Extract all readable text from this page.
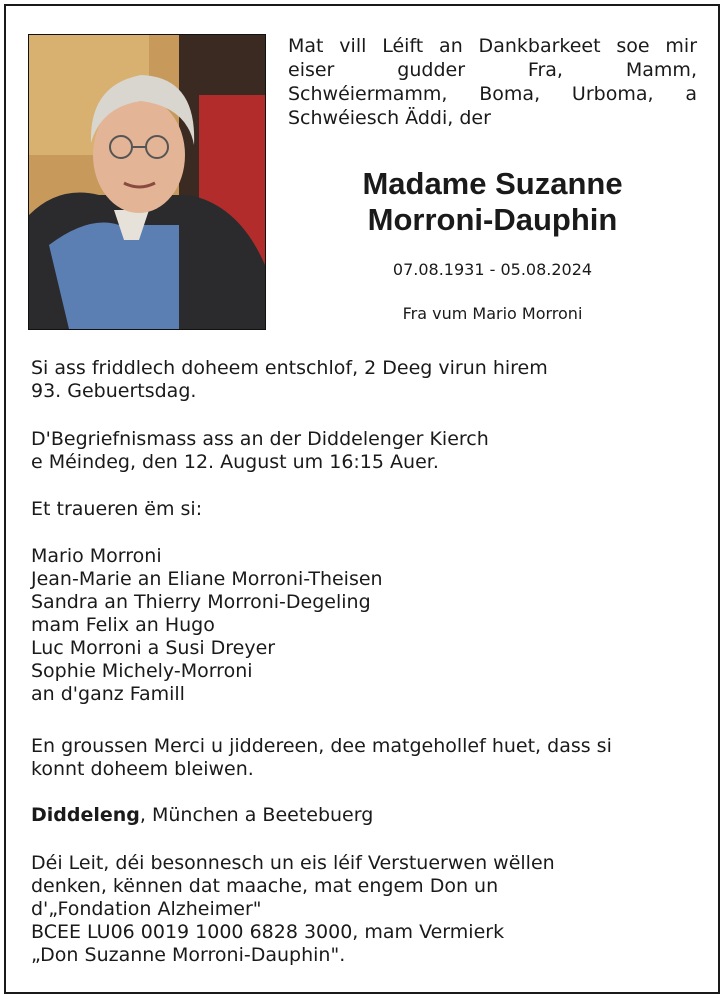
Mat vill Léift an Dankbarkeet soe mir
eiser gudder Fra, Mamm,
Schwéiermamm, Boma, Urboma, a
Schwéiesch Äddi, der
Madame Suzanne
Morroni-Dauphin
07.08.1931 - 05.08.2024
Fra vum Mario Morroni
Si ass friddlech doheem entschlof, 2 Deeg virun hirem
93. Gebuertsdag.
D'Begriefnismass ass an der Diddelenger Kierch
e Méindeg, den 12. August um 16:15 Auer.
Et traueren ëm si:
Mario Morroni
Jean-Marie an Eliane Morroni-Theisen
Sandra an Thierry Morroni-Degeling
mam Felix an Hugo
Luc Morroni a Susi Dreyer
Sophie Michely-Morroni
an d'ganz Famill
En groussen Merci u jiddereen, dee matgehollef huet, dass si
konnt doheem bleiwen.
Diddeleng, München a Beetebuerg
Déi Leit, déi besonnesch un eis léif Verstuerwen wëllen
denken, kënnen dat maache, mat engem Don un
d'„Fondation Alzheimer"
BCEE LU06 0019 1000 6828 3000, mam Vermierk
„Don Suzanne Morroni-Dauphin".
